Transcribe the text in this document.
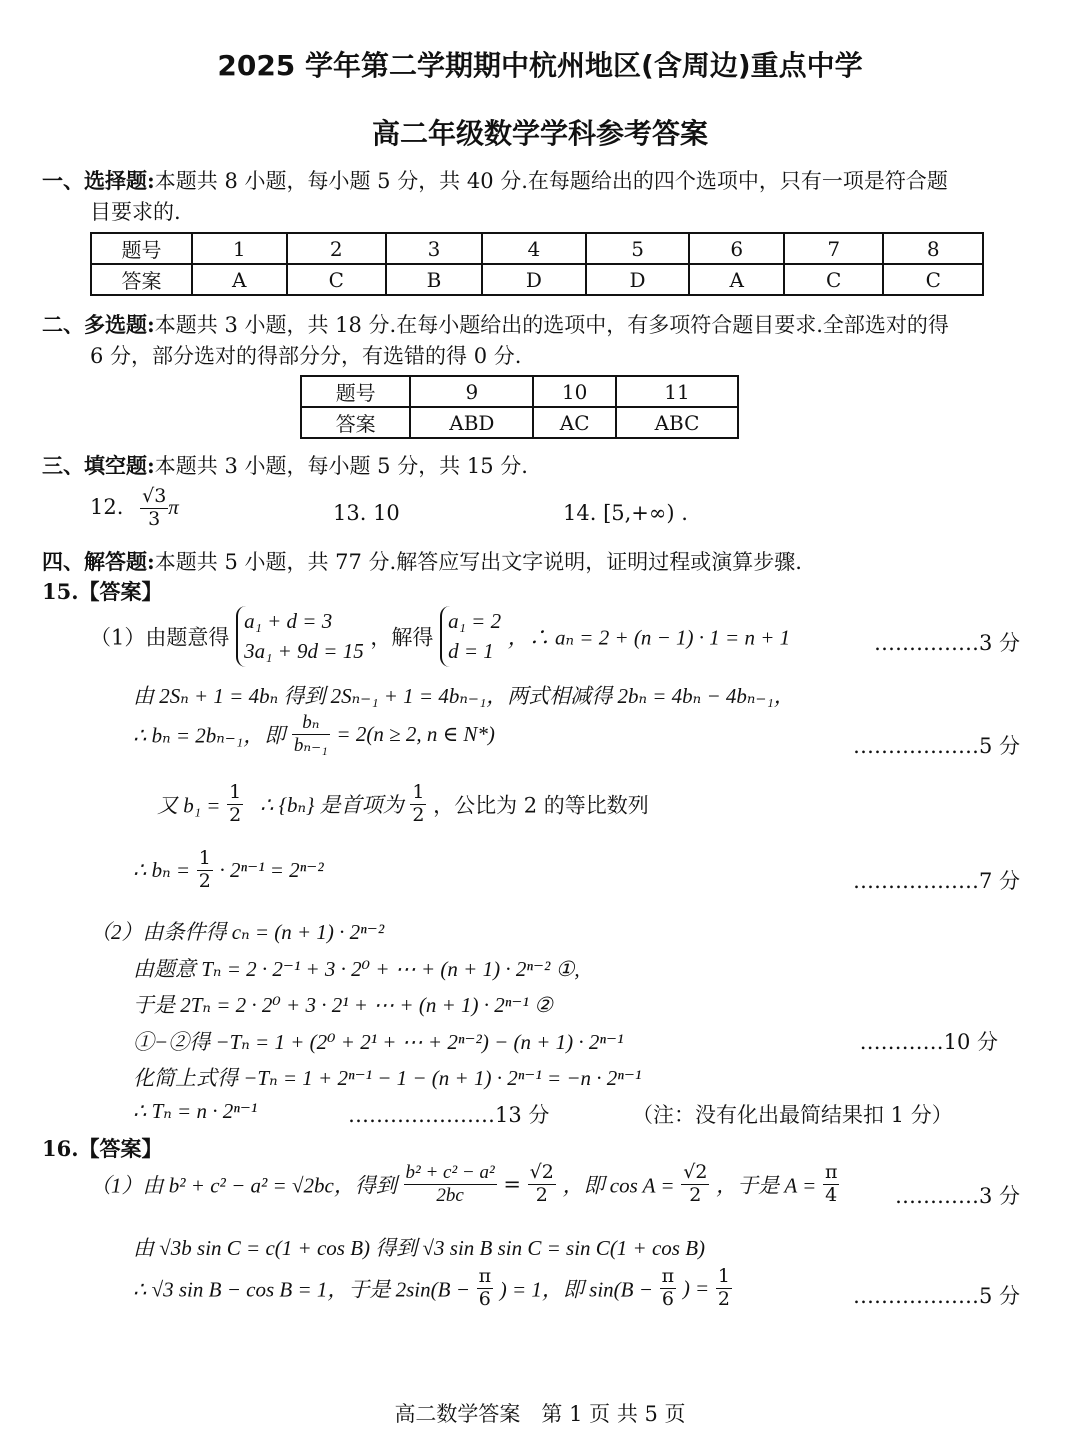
2025 学年第二学期期中杭州地区(含周边)重点中学
高二年级数学学科参考答案
一、选择题:本题共 8 小题，每小题 5 分，共 40 分.在每题给出的四个选项中，只有一项是符合题
目要求的.
题号	1	2	3	4	5	6	7	8
答案	A	C	B	D	D	A	C	C
二、多选题:本题共 3 小题，共 18 分.在每小题给出的选项中，有多项符合题目要求.全部选对的得
6 分，部分选对的得部分分，有选错的得 0 分.
题号	9	10	11
答案	ABD	AC	ABC
三、填空题:本题共 3 小题，每小题 5 分，共 15 分.
12. $\frac{√3}{3}$ π	13. 10	14. [5,+∞) .
四、解答题:本题共 5 小题，共 77 分.解答应写出文字说明，证明过程或演算步骤.
15.【答案】
（1）由题意得
a₁ + d = 3
3a₁ + 9d = 15
，解得
a₁ = 2
d = 1
，∴ aₙ = 2 + (n − 1) · 1 = n + 1	……………3 分
由 2Sₙ + 1 = 4bₙ 得到 2Sₙ₋₁ + 1 = 4bₙ₋₁，两式相减得 2bₙ = 4bₙ − 4bₙ₋₁，
∴ bₙ = 2bₙ₋₁，即 $\frac{\text{bₙ}}{\text{bₙ₋₁}} = 2(n \ge 2$, n ∈ N*)
………………5 分
又 $b_1 = \frac{1}{2}$ ∴ {bₙ} 是首项为 $\frac{1}{2}$ ，公比为 2 的等比数列
∴ $b_n = \frac{1}{2} \cdot 2^{n-1} = 2^{n-2}$	………………7 分
（2）由条件得 cₙ = (n + 1) · 2ⁿ⁻²
由题意 Tₙ = 2 · 2⁻¹ + 3 · 2⁰ + ⋯ + (n + 1) · 2ⁿ⁻² ①,
于是 2Tₙ = 2 · 2⁰ + 3 · 2¹ + ⋯ + (n + 1) · 2ⁿ⁻¹ ②
①−②得 −Tₙ = 1 + (2⁰ + 2¹ + ⋯ + 2ⁿ⁻²) − (n + 1) · 2ⁿ⁻¹	…………10 分
化简上式得 −Tₙ = 1 + 2ⁿ⁻¹ − 1 − (n + 1) · 2ⁿ⁻¹ = −n · 2ⁿ⁻¹
∴ Tₙ = n · 2ⁿ⁻¹	…………………13 分	（注：没有化出最简结果扣 1 分）
16.【答案】
（1）由 b² + c² − a² = √2bc，得到 $\frac{\text{b² + c² − a²}}{2bc} = \frac{√2}{2}$ ，即 $\cos A = \frac{√2}{2}$ ，于是 $A = \frac{\pi}{4}$	…………3 分
由 √3b sin C = c(1 + cos B) 得到 √3 sin B sin C = sin C(1 + cos B)
∴ √3 sin B − cos B = 1，于是 $2\sin(B - \frac{\pi}{6}$ ) = 1，即 $\sin(B - \frac{\pi}{6}$ ) = $\frac{1}{2}$	………………5 分
高二数学答案　第 1 页 共 5 页
